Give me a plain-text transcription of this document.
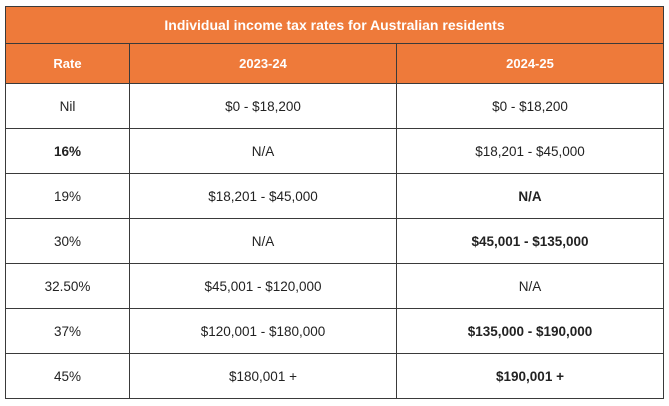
Individual income tax rates for Australian residents		
Rate	2023-24	2024-25
Nil	$0 - $18,200	$0 - $18,200
16%	N/A	$18,201 - $45,000
19%	$18,201 - $45,000	N/A
30%	N/A	$45,001 - $135,000
32.50%	$45,001 - $120,000	N/A
37%	$120,001 - $180,000	$135,000 - $190,000
45%	$180,001 +	$190,001 +
